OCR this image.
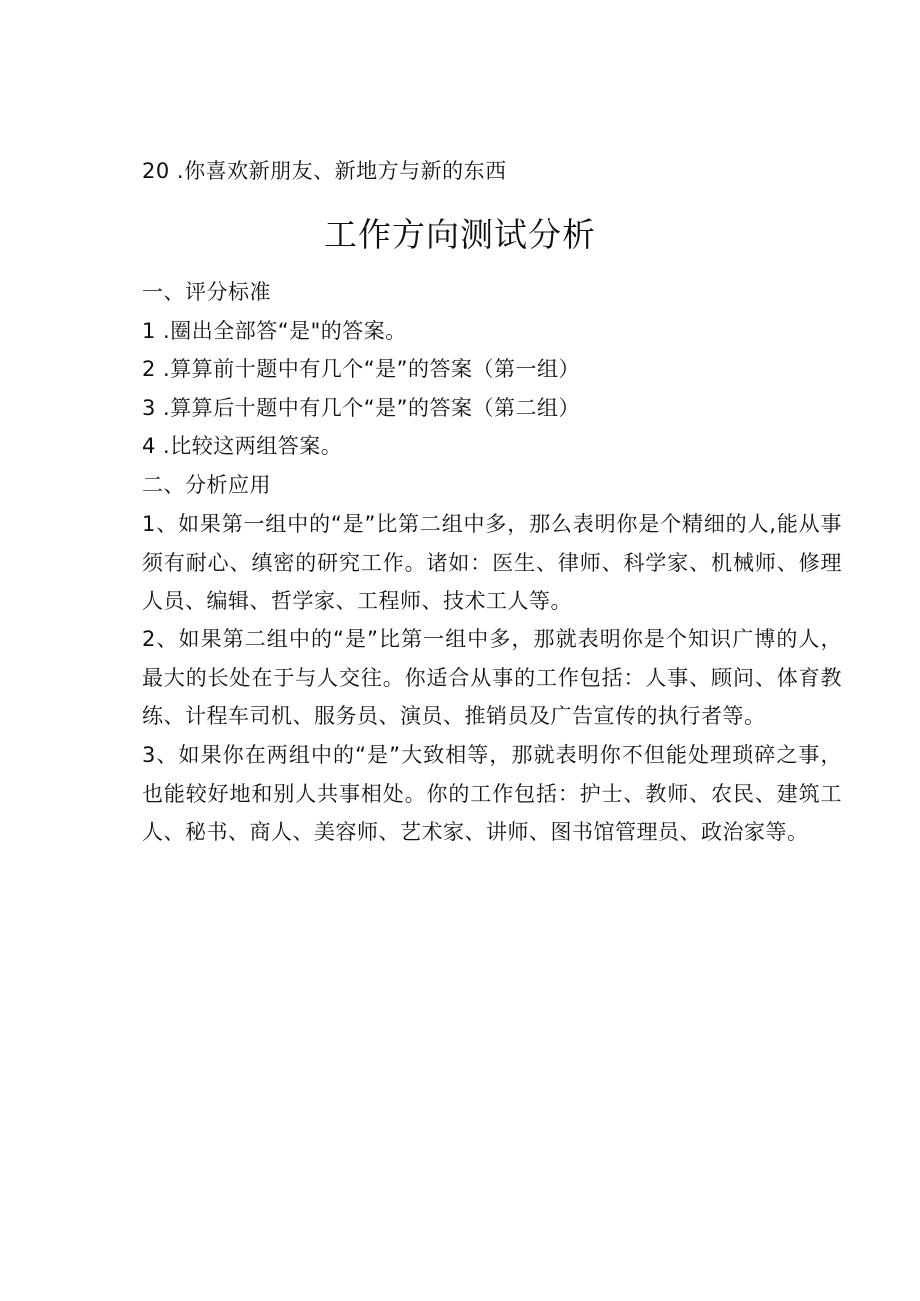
20 .你喜欢新朋友、新地方与新的东西
工作方向测试分析
一、评分标准
1 .圈出全部答“是"的答案。
2 .算算前十题中有几个“是”的答案（第一组）
3 .算算后十题中有几个“是”的答案（第二组）
4 .比较这两组答案。
二、分析应用
1、如果第一组中的“是”比第二组中多，那么表明你是个精细的人,能从事须有耐心、缜密的研究工作。诸如：医生、律师、科学家、机械师、修理人员、编辑、哲学家、工程师、技术工人等。
2、如果第二组中的“是”比第一组中多，那就表明你是个知识广博的人，最大的长处在于与人交往。你适合从事的工作包括：人事、顾问、体育教练、计程车司机、服务员、演员、推销员及广告宣传的执行者等。
3、如果你在两组中的“是”大致相等，那就表明你不但能处理琐碎之事，也能较好地和别人共事相处。你的工作包括：护士、教师、农民、建筑工人、秘书、商人、美容师、艺术家、讲师、图书馆管理员、政治家等。
